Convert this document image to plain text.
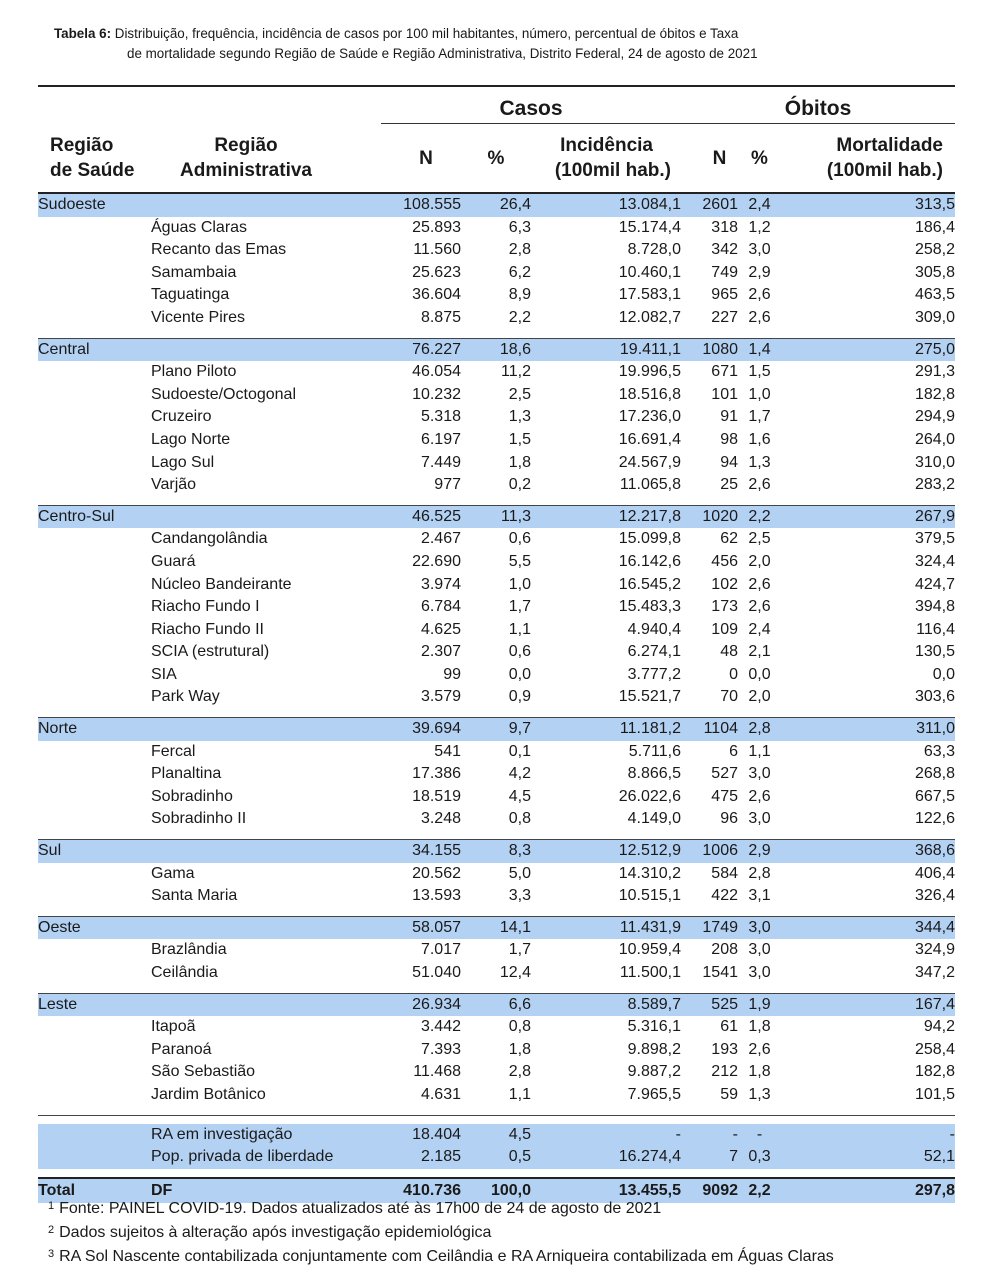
Tabela 6: Distribuição, frequência, incidência de casos por 100 mil habitantes, número, percentual de óbitos e Taxa
de mortalidade segundo Região de Saúde e Região Administrativa, Distrito Federal, 24 de agosto de 2021

		Casos			Óbitos		
Região
de Saúde	Região
Administrativa	N	%	Incidência
(100mil hab.)	N	%	Mortalidade
(100mil hab.)

Sudoeste		108.555	26,4	13.084,1	2601	2,4	313,5
	Águas Claras	25.893	6,3	15.174,4	318	1,2	186,4
	Recanto das Emas	11.560	2,8	8.728,0	342	3,0	258,2
	Samambaia	25.623	6,2	10.460,1	749	2,9	305,8
	Taguatinga	36.604	8,9	17.583,1	965	2,6	463,5
	Vicente Pires	8.875	2,2	12.082,7	227	2,6	309,0

Central		76.227	18,6	19.411,1	1080	1,4	275,0
	Plano Piloto	46.054	11,2	19.996,5	671	1,5	291,3
	Sudoeste/Octogonal	10.232	2,5	18.516,8	101	1,0	182,8
	Cruzeiro	5.318	1,3	17.236,0	91	1,7	294,9
	Lago Norte	6.197	1,5	16.691,4	98	1,6	264,0
	Lago Sul	7.449	1,8	24.567,9	94	1,3	310,0
	Varjão	977	0,2	11.065,8	25	2,6	283,2

Centro-Sul		46.525	11,3	12.217,8	1020	2,2	267,9
	Candangolândia	2.467	0,6	15.099,8	62	2,5	379,5
	Guará	22.690	5,5	16.142,6	456	2,0	324,4
	Núcleo Bandeirante	3.974	1,0	16.545,2	102	2,6	424,7
	Riacho Fundo I	6.784	1,7	15.483,3	173	2,6	394,8
	Riacho Fundo II	4.625	1,1	4.940,4	109	2,4	116,4
	SCIA (estrutural)	2.307	0,6	6.274,1	48	2,1	130,5
	SIA	99	0,0	3.777,2	0	0,0	0,0
	Park Way	3.579	0,9	15.521,7	70	2,0	303,6

Norte		39.694	9,7	11.181,2	1104	2,8	311,0
	Fercal	541	0,1	5.711,6	6	1,1	63,3
	Planaltina	17.386	4,2	8.866,5	527	3,0	268,8
	Sobradinho	18.519	4,5	26.022,6	475	2,6	667,5
	Sobradinho II	3.248	0,8	4.149,0	96	3,0	122,6

Sul		34.155	8,3	12.512,9	1006	2,9	368,6
	Gama	20.562	5,0	14.310,2	584	2,8	406,4
	Santa Maria	13.593	3,3	10.515,1	422	3,1	326,4

Oeste		58.057	14,1	11.431,9	1749	3,0	344,4
	Brazlândia	7.017	1,7	10.959,4	208	3,0	324,9
	Ceilândia	51.040	12,4	11.500,1	1541	3,0	347,2

Leste		26.934	6,6	8.589,7	525	1,9	167,4
	Itapoã	3.442	0,8	5.316,1	61	1,8	94,2
	Paranoá	7.393	1,8	9.898,2	193	2,6	258,4
	São Sebastião	11.468	2,8	9.887,2	212	1,8	182,8
	Jardim Botânico	4.631	1,1	7.965,5	59	1,3	101,5

	RA em investigação	18.404	4,5	-	-	-	-
	Pop. privada de liberdade	2.185	0,5	16.274,4	7	0,3	52,1

Total	DF	410.736	100,0	13.455,5	9092	2,2	297,8
$^1$ Fonte: PAINEL COVID-19. Dados atualizados até às 17h00 de 24 de agosto de 2021
$^2$ Dados sujeitos à alteração após investigação epidemiológica
$^3$ RA Sol Nascente contabilizada conjuntamente com Ceilândia e RA Arniqueira contabilizada em Águas Claras
